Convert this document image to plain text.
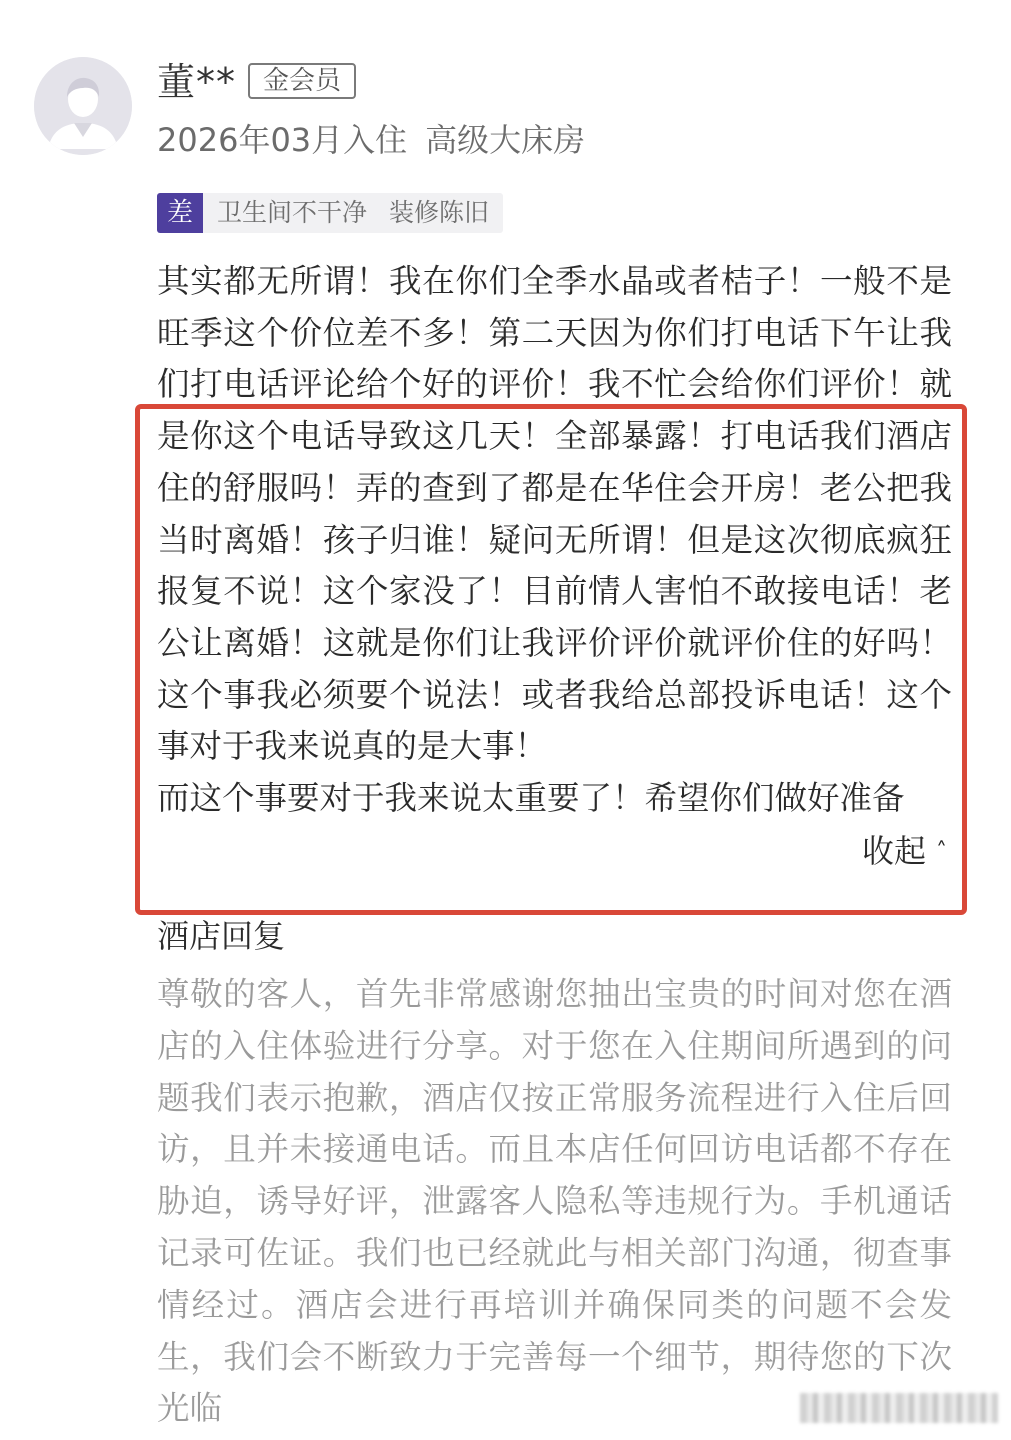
董**	金会员
2026年03月入住 高级大床房
差 卫生间不干净 装修陈旧
其实都无所谓！我在你们全季水晶或者桔子！一般不是旺季这个价位差不多！第二天因为你们打电话下午让我们打电话评论给个好的评价！我不忙会给你们评价！就是你这个电话导致这几天！全部暴露！打电话我们酒店住的舒服吗！弄的查到了都是在华住会开房！老公把我当时离婚！孩子归谁！疑问无所谓！但是这次彻底疯狂报复不说！这个家没了！目前情人害怕不敢接电话！老公让离婚！这就是你们让我评价评价就评价住的好吗！这个事我必须要个说法！或者我给总部投诉电话！这个事对于我来说真的是大事！
而这个事要对于我来说太重要了！希望你们做好准备
收起 ˄
酒店回复
尊敬的客人，首先非常感谢您抽出宝贵的时间对您在酒店的入住体验进行分享。对于您在入住期间所遇到的问题我们表示抱歉，酒店仅按正常服务流程进行入住后回访，且并未接通电话。而且本店任何回访电话都不存在胁迫，诱导好评，泄露客人隐私等违规行为。手机通话记录可佐证。我们也已经就此与相关部门沟通，彻查事情经过。酒店会进行再培训并确保同类的问题不会发生，我们会不断致力于完善每一个细节，期待您的下次光临
